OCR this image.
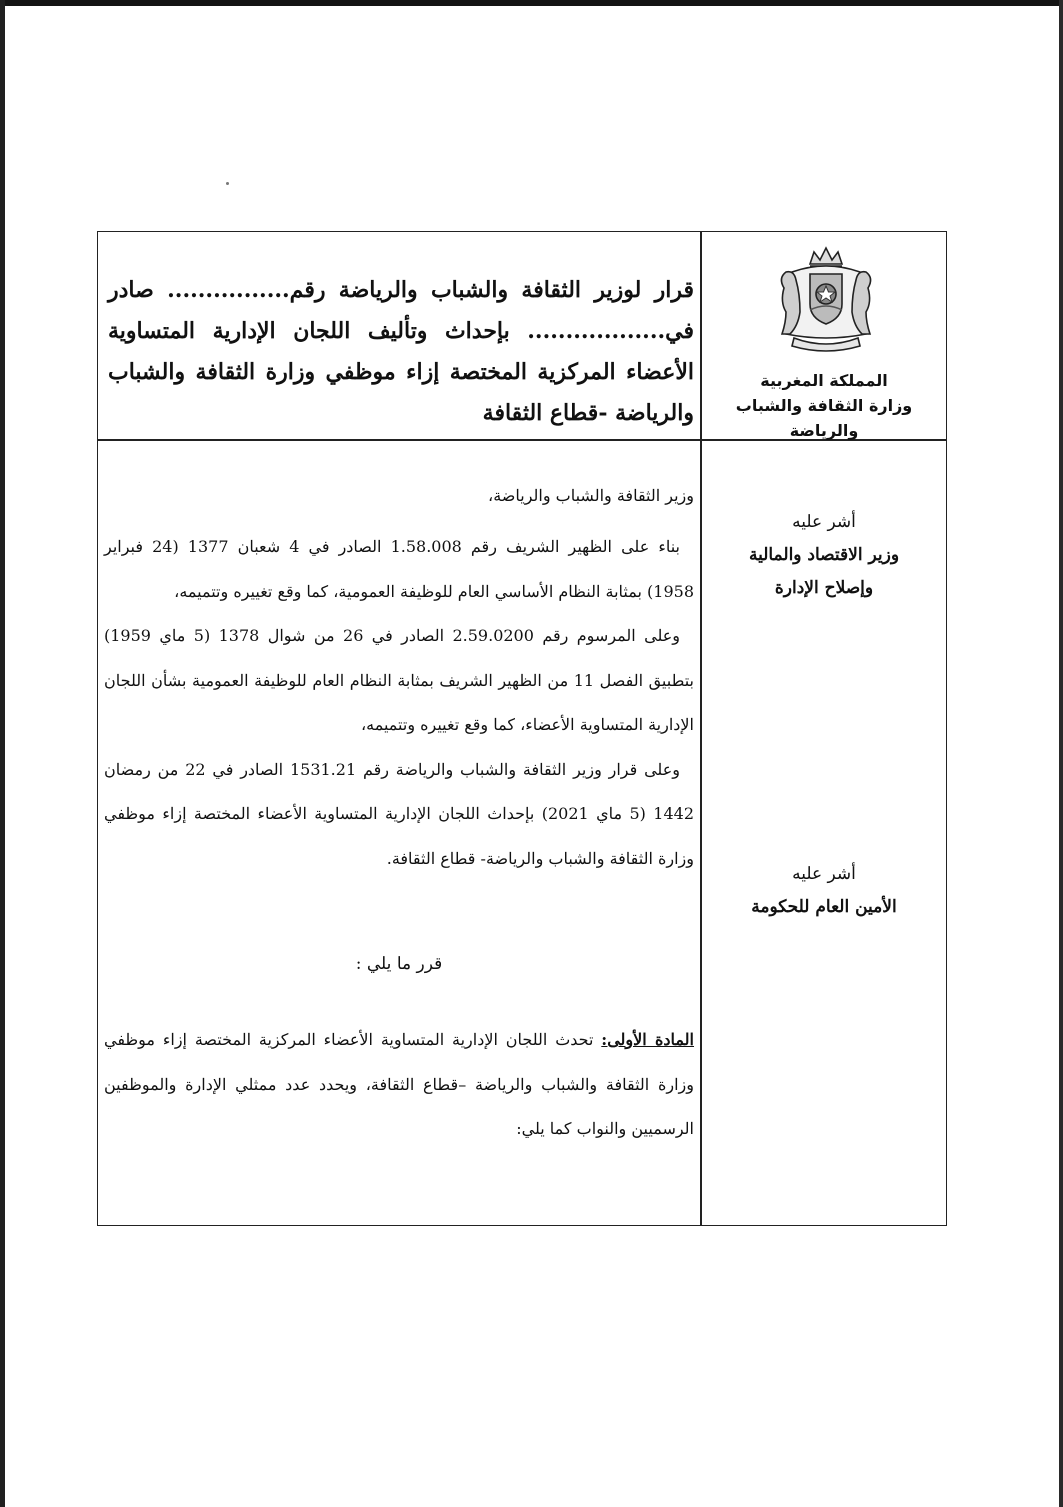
المملكة المغربية
وزارة الثقافة والشباب والرياضة
قرار لوزير الثقافة والشباب والرياضة رقم................ صادر في.................. بإحداث وتأليف اللجان الإدارية المتساوية الأعضاء المركزية المختصة إزاء موظفي وزارة الثقافة والشباب والرياضة -قطاع الثقافة
أشر عليه
وزير الاقتصاد والمالية
وإصلاح الإدارة
أشر عليه
الأمين العام للحكومة

وزير الثقافة والشباب والرياضة،

بناء على الظهير الشريف رقم 1.58.008 الصادر في 4 شعبان 1377 (24 فبراير 1958) بمثابة النظام الأساسي العام للوظيفة العمومية، كما وقع تغييره وتتميمه،

وعلى المرسوم رقم 2.59.0200 الصادر في 26 من شوال 1378 (5 ماي 1959) بتطبيق الفصل 11 من الظهير الشريف بمثابة النظام العام للوظيفة العمومية بشأن اللجان الإدارية المتساوية الأعضاء، كما وقع تغييره وتتميمه،

وعلى قرار وزير الثقافة والشباب والرياضة رقم 1531.21 الصادر في 22 من رمضان 1442 (5 ماي 2021) بإحداث اللجان الإدارية المتساوية الأعضاء المختصة إزاء موظفي وزارة الثقافة والشباب والرياضة- قطاع الثقافة.

قرر ما يلي :

المادة الأولى: تحدث اللجان الإدارية المتساوية الأعضاء المركزية المختصة إزاء موظفي وزارة الثقافة والشباب والرياضة –قطاع الثقافة، ويحدد عدد ممثلي الإدارة والموظفين الرسميين والنواب كما يلي:
